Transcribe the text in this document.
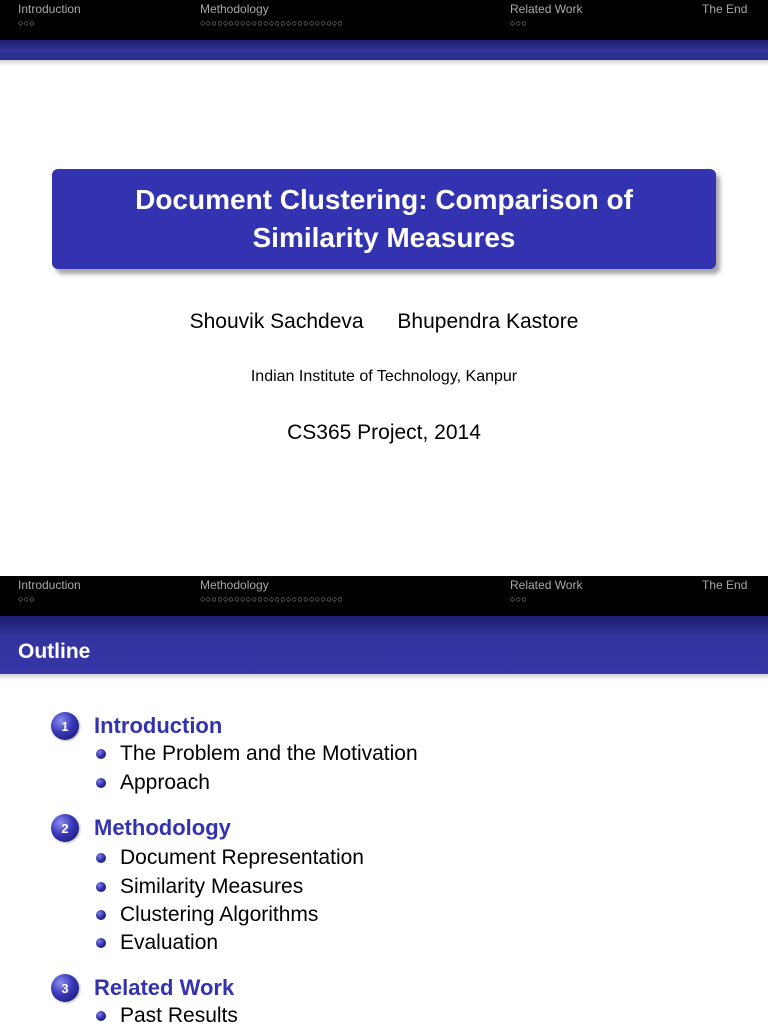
Introduction
○○○
Methodology
○○○○○○○○○○○○○○○○○○○○○○○○○
Related Work
○○○
The End
Document Clustering: Comparison of Similarity Measures
Shouvik Sachdeva Bhupendra Kastore
Indian Institute of Technology, Kanpur
CS365 Project, 2014
Introduction
○○○
Methodology
○○○○○○○○○○○○○○○○○○○○○○○○○
Related Work
○○○
The End
Outline
1	Introduction
The Problem and the Motivation
Approach
2	Methodology
Document Representation
Similarity Measures
Clustering Algorithms
Evaluation
3	Related Work
Past Results
